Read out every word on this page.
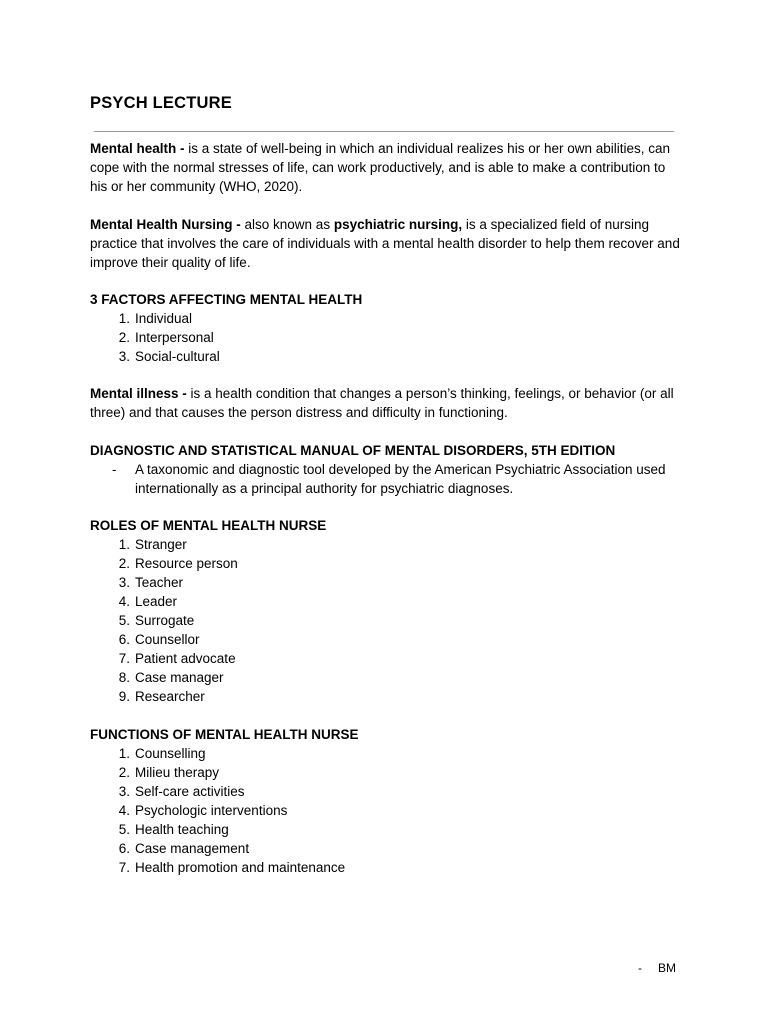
PSYCH LECTURE

Mental health - is a state of well-being in which an individual realizes his or her own abilities, can cope with the normal stresses of life, can work productively, and is able to make a contribution to his or her community (WHO, 2020).

Mental Health Nursing - also known as psychiatric nursing, is a specialized field of nursing practice that involves the care of individuals with a mental health disorder to help them recover and improve their quality of life.

3 FACTORS AFFECTING MENTAL HEALTH

1. Individual
2. Interpersonal
3. Social-cultural

Mental illness - is a health condition that changes a person’s thinking, feelings, or behavior (or all three) and that causes the person distress and difficulty in functioning.

DIAGNOSTIC AND STATISTICAL MANUAL OF MENTAL DISORDERS, 5TH EDITION

- A taxonomic and diagnostic tool developed by the American Psychiatric Association used internationally as a principal authority for psychiatric diagnoses.

ROLES OF MENTAL HEALTH NURSE

1. Stranger
2. Resource person
3. Teacher
4. Leader
5. Surrogate
6. Counsellor
7. Patient advocate
8. Case manager
9. Researcher

FUNCTIONS OF MENTAL HEALTH NURSE

1. Counselling
2. Milieu therapy
3. Self-care activities
4. Psychologic interventions
5. Health teaching
6. Case management
7. Health promotion and maintenance
- BM
